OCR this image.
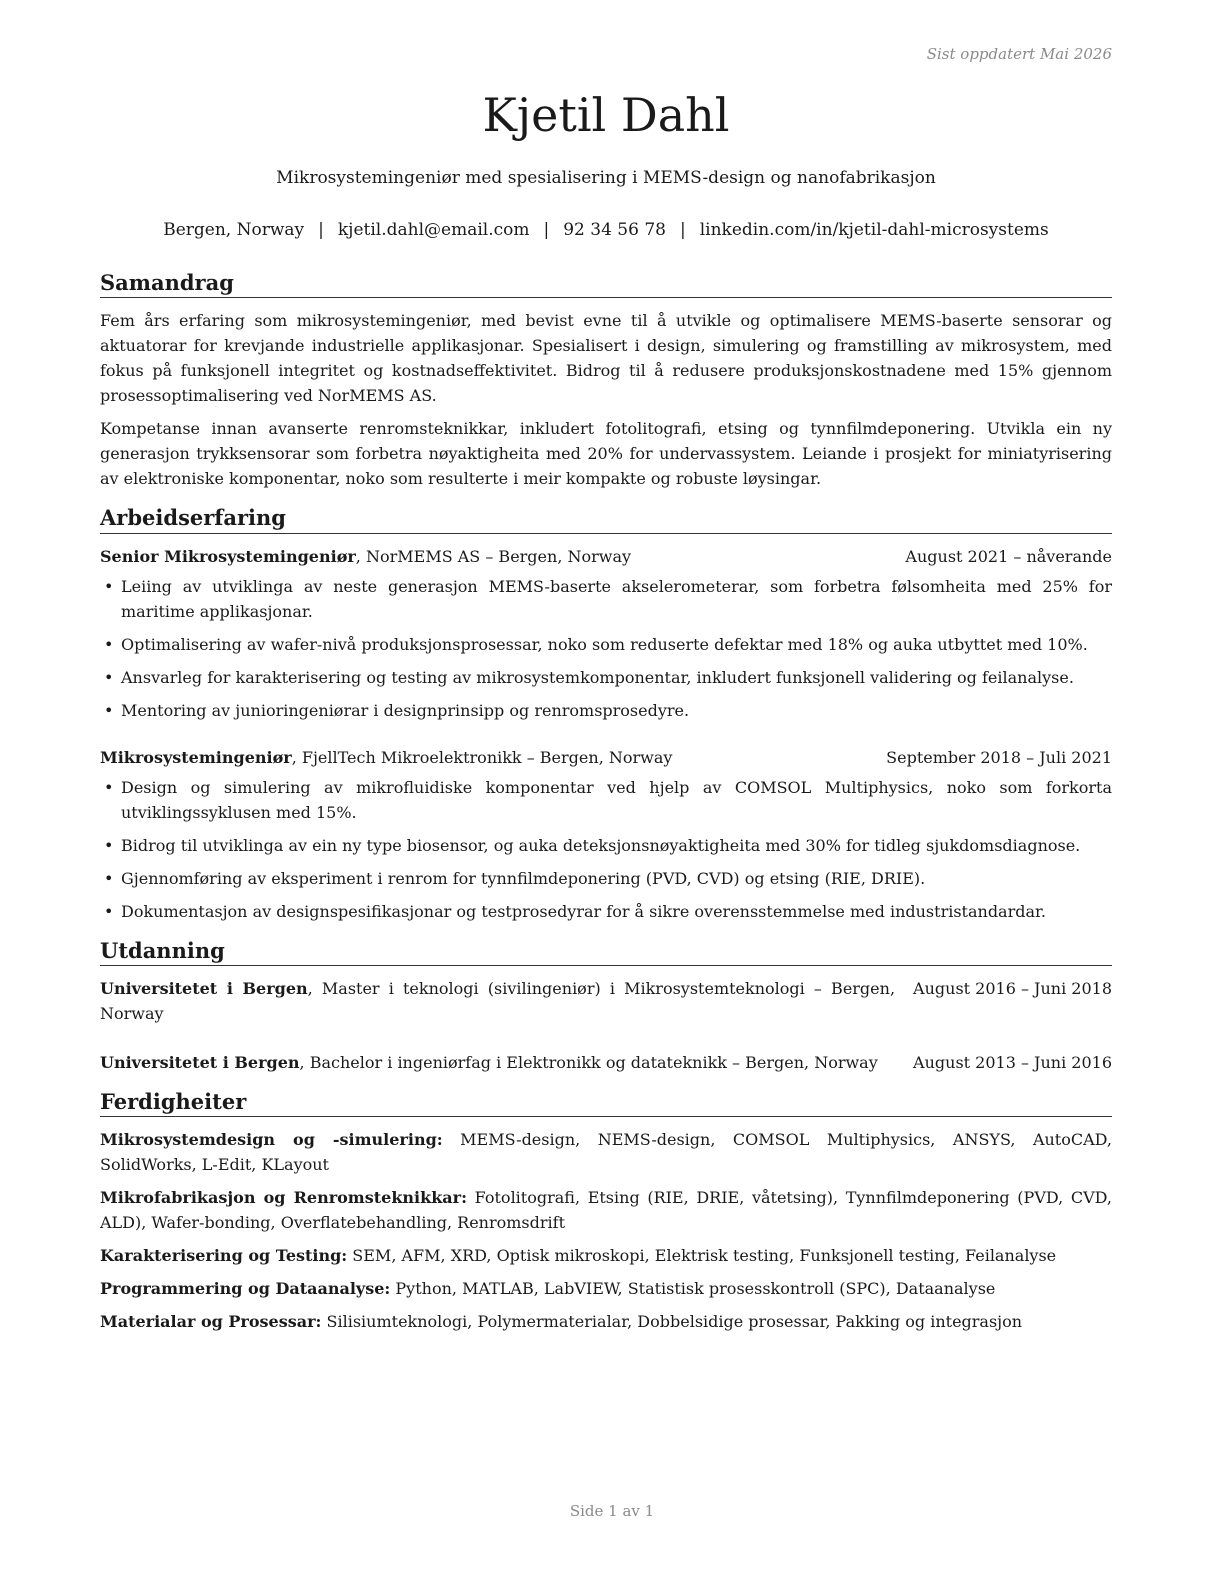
Sist oppdatert Mai 2026
Kjetil Dahl
Mikrosystemingeniør med spesialisering i MEMS-design og nanofabrikasjon
Bergen, Norway | kjetil.dahl@email.com | 92 34 56 78 | linkedin.com/in/kjetil-dahl-microsystems
Samandrag

Fem års erfaring som mikrosystemingeniør, med bevist evne til å utvikle og optimalisere MEMS-baserte sensorar og aktuatorar for krevjande industrielle applikasjonar. Spesialisert i design, simulering og framstilling av mikrosystem, med fokus på funksjonell integritet og kostnadseffektivitet. Bidrog til å redusere produksjonskostnadene med 15% gjennom prosessoptimalisering ved NorMEMS AS.

Kompetanse innan avanserte renromsteknikkar, inkludert fotolitografi, etsing og tynnfilmdeponering. Utvikla ein ny generasjon trykksensorar som forbetra nøyaktigheita med 20% for undervassystem. Leiande i prosjekt for miniatyrisering av elektroniske komponentar, noko som resulterte i meir kompakte og robuste løysingar.

Arbeidserfaring
Senior Mikrosystemingeniør, NorMEMS AS – Bergen, Norway	August 2021 – nåverande
• Leiing av utviklinga av neste generasjon MEMS-baserte akselerometerar, som forbetra følsomheita med 25% for maritime applikasjonar.
• Optimalisering av wafer-nivå produksjonsprosessar, noko som reduserte defektar med 18% og auka utbyttet med 10%.
• Ansvarleg for karakterisering og testing av mikrosystemkomponentar, inkludert funksjonell validering og feilanalyse.
• Mentoring av junioringeniørar i designprinsipp og renromsprosedyre.
Mikrosystemingeniør, FjellTech Mikroelektronikk – Bergen, Norway	September 2018 – Juli 2021
• Design og simulering av mikrofluidiske komponentar ved hjelp av COMSOL Multiphysics, noko som forkorta utviklingssyklusen med 15%.
• Bidrog til utviklinga av ein ny type biosensor, og auka deteksjonsnøyaktigheita med 30% for tidleg sjukdomsdiagnose.
• Gjennomføring av eksperiment i renrom for tynnfilmdeponering (PVD, CVD) og etsing (RIE, DRIE).
• Dokumentasjon av designspesifikasjonar og testprosedyrar for å sikre overensstemmelse med industristandardar.
Utdanning
Universitetet i Bergen, Master i teknologi (sivilingeniør) i Mikrosystemteknologi – Bergen, Norway
August 2016 – Juni 2018
Universitetet i Bergen, Bachelor i ingeniørfag i Elektronikk og datateknikk – Bergen, Norway	August 2013 – Juni 2016
Ferdigheiter
Mikrosystemdesign og -simulering: MEMS-design, NEMS-design, COMSOL Multiphysics, ANSYS, AutoCAD, SolidWorks, L-Edit, KLayout
Mikrofabrikasjon og Renromsteknikkar: Fotolitografi, Etsing (RIE, DRIE, våtetsing), Tynnfilmdeponering (PVD, CVD, ALD), Wafer-bonding, Overflatebehandling, Renromsdrift
Karakterisering og Testing: SEM, AFM, XRD, Optisk mikroskopi, Elektrisk testing, Funksjonell testing, Feilanalyse
Programmering og Dataanalyse: Python, MATLAB, LabVIEW, Statistisk prosesskontroll (SPC), Dataanalyse
Materialar og Prosessar: Silisiumteknologi, Polymermaterialar, Dobbelsidige prosessar, Pakking og integrasjon
Side 1 av 1
